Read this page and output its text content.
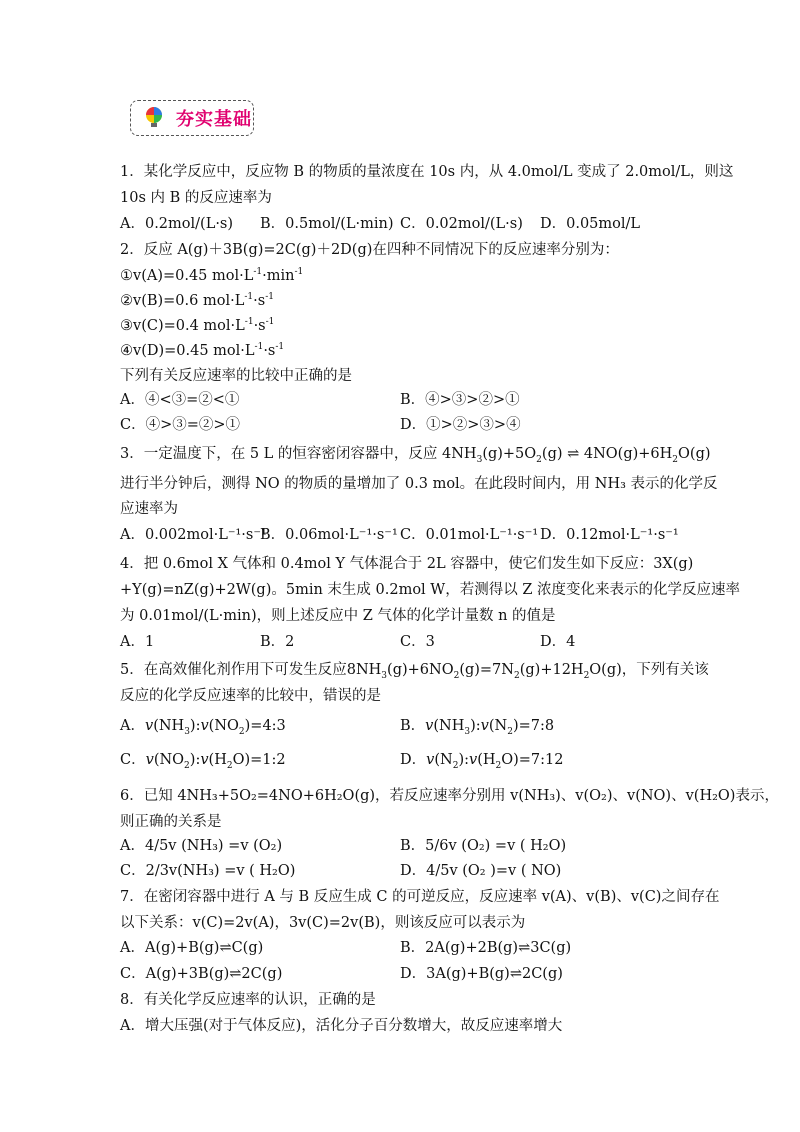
夯实基础
1．某化学反应中，反应物 B 的物质的量浓度在 10s 内，从 4.0mol/L 变成了 2.0mol/L，则这
10s 内 B 的反应速率为
A．0.2mol/(L·s) B．0.5mol/(L·min) C．0.02mol/(L·s) D．0.05mol/L
2．反应 A(g)＋3B(g)=2C(g)＋2D(g)在四种不同情况下的反应速率分别为：
①v(A)=0.45 $mol\cdot L^{-1}\cdot\min^{-1}$
②v(B)=0.6 $mol\cdot L^{-1}\cdot s^{-1}$
③v(C)=0.4 $mol\cdot L^{-1}\cdot s^{-1}$
④v(D)=0.45 $mol\cdot L^{-1}\cdot s^{-1}$
下列有关反应速率的比较中正确的是
A．④<③=②<①	B．④>③>②>①
C．④>③=②>①	D．①>②>③>④
3．一定温度下，在 5 L 的恒容密闭容器中，反应 $4NH_3(g)+5O_2(g)$ ⇌ $4NO(g)+6H_2O(g)$
进行半分钟后，测得 NO 的物质的量增加了 0.3 mol。在此段时间内，用 NH₃ 表示的化学反
应速率为
A．0.002mol·L⁻¹·s⁻¹
B．0.06mol·L⁻¹·s⁻¹ C．0.01mol·L⁻¹·s⁻¹ D．0.12mol·L⁻¹·s⁻¹
4．把 0.6mol X 气体和 0.4mol Y 气体混合于 2L 容器中，使它们发生如下反应：3X(g)
+Y(g)=nZ(g)+2W(g)。5min 末生成 0.2mol W，若测得以 Z 浓度变化来表示的化学反应速率
为 0.01mol/(L·min)，则上述反应中 Z 气体的化学计量数 n 的值是
A．1	B．2	C．3	D．4
5．在高效催化剂作用下可发生反应$8NH_3(g)+6NO_2(g)=7N_2(g)+12H_2O(g)$，下列有关该
反应的化学反应速率的比较中，错误的是
A．$v(NH_3):v(NO_2)=4:3$	B．$v(NH_3):v(N_2)=7:8$
C．$v(NO_2):v(H_2O)=1:2$	D．$v(N_2):v(H_2O)=7:12$
6．已知 4NH₃+5O₂=4NO+6H₂O(g)，若反应速率分别用 v(NH₃)、v(O₂)、v(NO)、v(H₂O)表示，
则正确的关系是
A．4/5v (NH₃) =v (O₂)	B．5/6v (O₂) =v ( H₂O)
C．2/3v(NH₃) =v ( H₂O)	D．4/5v (O₂ )=v ( NO)
7．在密闭容器中进行 A 与 B 反应生成 C 的可逆反应，反应速率 v(A)、v(B)、v(C)之间存在
以下关系：v(C)=2v(A)，3v(C)=2v(B)，则该反应可以表示为
A．A(g)+B(g)⇌C(g)	B．2A(g)+2B(g)⇌3C(g)
C．A(g)+3B(g)⇌2C(g)	D．3A(g)+B(g)⇌2C(g)
8．有关化学反应速率的认识，正确的是
A．增大压强(对于气体反应)，活化分子百分数增大，故反应速率增大
